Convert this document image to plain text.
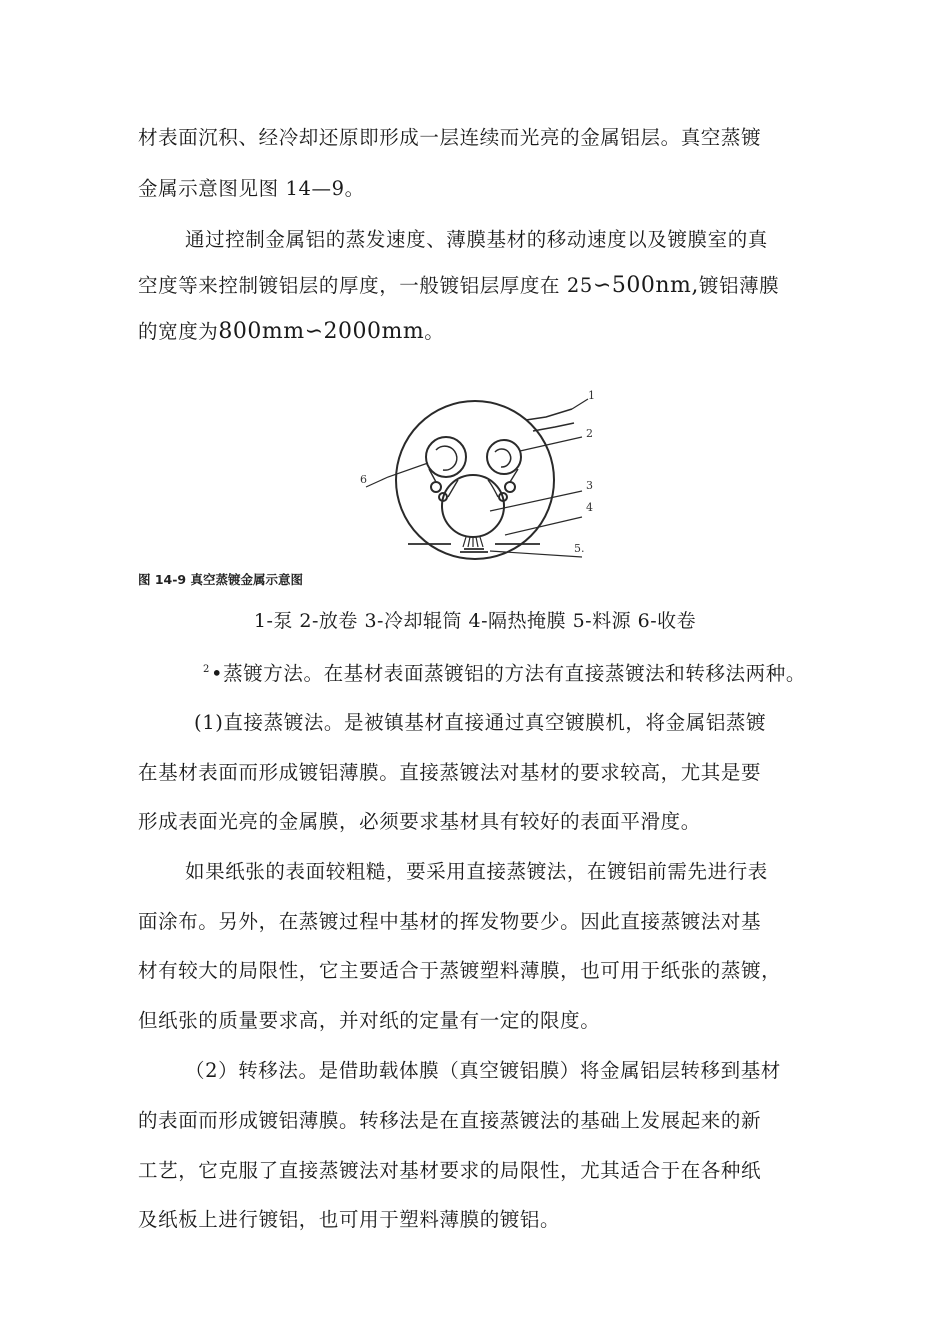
材表面沉积、经冷却还原即形成一层连续而光亮的金属铝层。真空蒸镀
金属示意图见图 14—9。
通过控制金属铝的蒸发速度、薄膜基材的移动速度以及镀膜室的真
空度等来控制镀铝层的厚度，一般镀铝层厚度在 25∽500nm,镀铝薄膜
的宽度为800mm∽2000mm。
1
2
3
4
5.
6
图 14-9 真空蒸镀金属示意图
1-泵 2-放卷 3-冷却辊筒 4-隔热掩膜 5-料源 6-收卷
$^2$•蒸镀方法。在基材表面蒸镀铝的方法有直接蒸镀法和转移法两种。
(1)直接蒸镀法。是被镇基材直接通过真空镀膜机，将金属铝蒸镀
在基材表面而形成镀铝薄膜。直接蒸镀法对基材的要求较高，尤其是要
形成表面光亮的金属膜，必须要求基材具有较好的表面平滑度。
如果纸张的表面较粗糙，要采用直接蒸镀法，在镀铝前需先进行表
面涂布。另外，在蒸镀过程中基材的挥发物要少。因此直接蒸镀法对基
材有较大的局限性，它主要适合于蒸镀塑料薄膜，也可用于纸张的蒸镀，
但纸张的质量要求高，并对纸的定量有一定的限度。
（2）转移法。是借助载体膜（真空镀铝膜）将金属铝层转移到基材
的表面而形成镀铝薄膜。转移法是在直接蒸镀法的基础上发展起来的新
工艺，它克服了直接蒸镀法对基材要求的局限性，尤其适合于在各种纸
及纸板上进行镀铝，也可用于塑料薄膜的镀铝。
